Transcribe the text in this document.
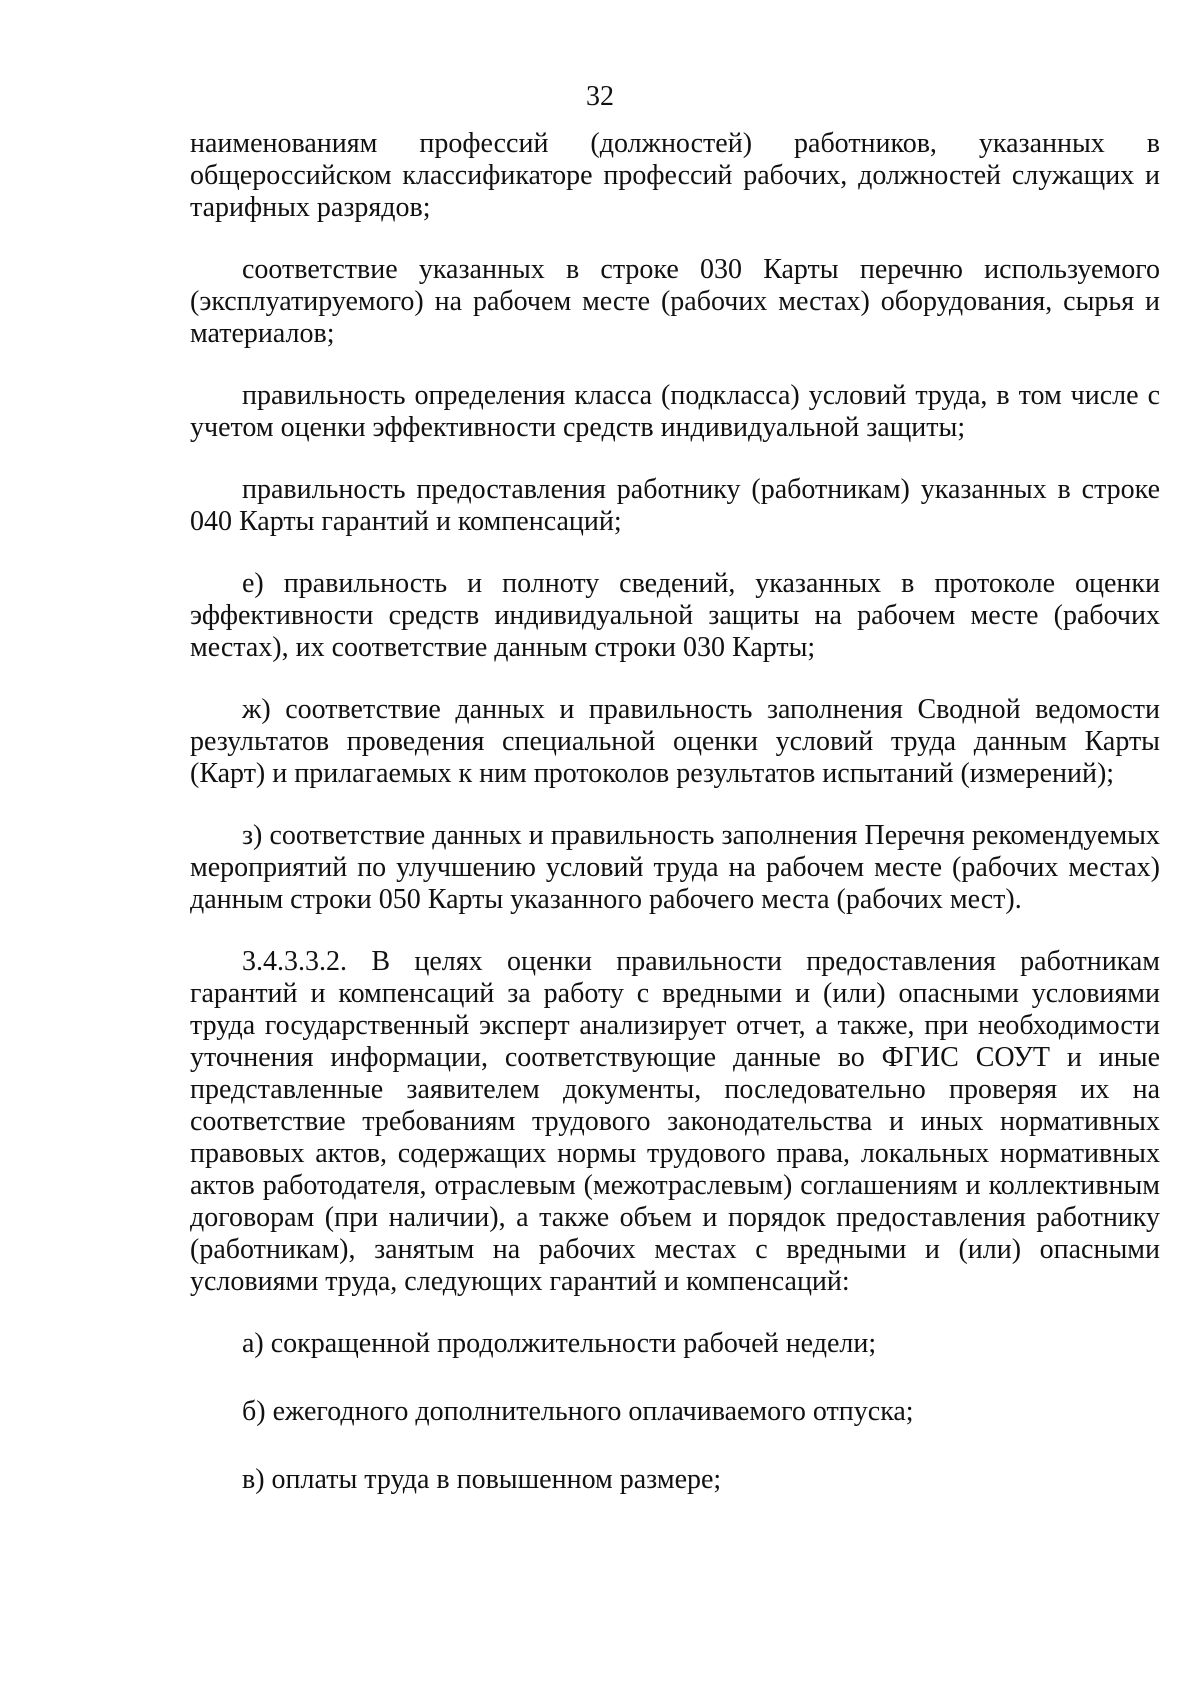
32

наименованиям профессий (должностей) работников, указанных в общероссийском классификаторе профессий рабочих, должностей служащих и тарифных разрядов;

соответствие указанных в строке 030 Карты перечню используемого (эксплуатируемого) на рабочем месте (рабочих местах) оборудования, сырья и материалов;

правильность определения класса (подкласса) условий труда, в том числе с учетом оценки эффективности средств индивидуальной защиты;

правильность предоставления работнику (работникам) указанных в строке 040 Карты гарантий и компенсаций;

е) правильность и полноту сведений, указанных в протоколе оценки эффективности средств индивидуальной защиты на рабочем месте (рабочих местах), их соответствие данным строки 030 Карты;

ж) соответствие данных и правильность заполнения Сводной ведомости результатов проведения специальной оценки условий труда данным Карты (Карт) и прилагаемых к ним протоколов результатов испытаний (измерений);

з) соответствие данных и правильность заполнения Перечня рекомендуемых мероприятий по улучшению условий труда на рабочем месте (рабочих местах) данным строки 050 Карты указанного рабочего места (рабочих мест).

3.4.3.3.2. В целях оценки правильности предоставления работникам гарантий и компенсаций за работу с вредными и (или) опасными условиями труда государственный эксперт анализирует отчет, а также, при необходимости уточнения информации, соответствующие данные во ФГИС СОУТ и иные представленные заявителем документы, последовательно проверяя их на соответствие требованиям трудового законодательства и иных нормативных правовых актов, содержащих нормы трудового права, локальных нормативных актов работодателя, отраслевым (межотраслевым) соглашениям и коллективным договорам (при наличии), а также объем и порядок предоставления работнику (работникам), занятым на рабочих местах с вредными и (или) опасными условиями труда, следующих гарантий и компенсаций:

а) сокращенной продолжительности рабочей недели;

б) ежегодного дополнительного оплачиваемого отпуска;

в) оплаты труда в повышенном размере;
